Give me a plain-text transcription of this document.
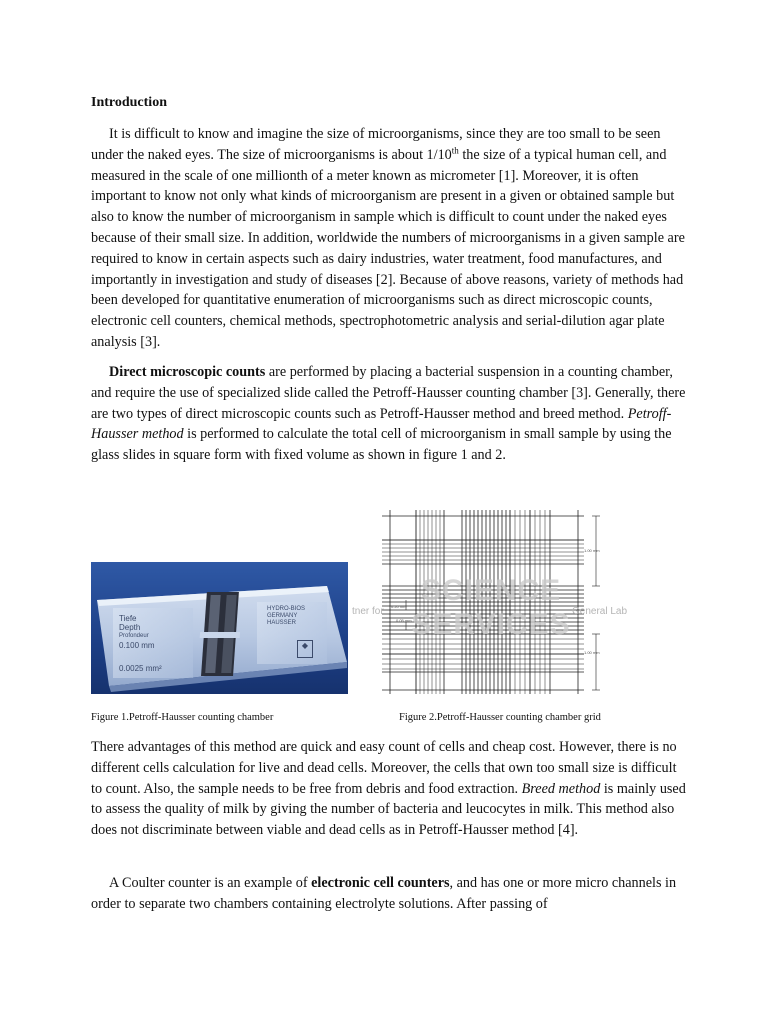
Introduction

It is difficult to know and imagine the size of microorganisms, since they are too small to be seen under the naked eyes. The size of microorganisms is about 1/10th the size of a typical human cell, and measured in the scale of one millionth of a meter known as micrometer [1]. Moreover, it is often important to know not only what kinds of microorganism are present in a given or obtained sample but also to know the number of microorganism in sample which is difficult to count under the naked eyes because of their small size. In addition, worldwide the numbers of microorganisms in a given sample are required to know in certain aspects such as dairy industries, water treatment, food manufactures, and importantly in investigation and study of diseases [2]. Because of above reasons, variety of methods had been developed for quantitative enumeration of microorganisms such as direct microscopic counts, electronic cell counters, chemical methods, spectrophotometric analysis and serial-dilution agar plate analysis [3].

Direct microscopic counts are performed by placing a bacterial suspension in a counting chamber, and require the use of specialized slide called the Petroff-Hausser counting chamber [3]. Generally, there are two types of direct microscopic counts such as Petroff-Hausser method and breed method. Petroff-Hausser method is performed to calculate the total cell of microorganism in small sample by using the glass slides in square form with fixed volume as shown in figure 1 and 2.

Tiefe
Depth
Profondeur
0.100 mm
0.0025 mm²
HYDRO-BIOS
GERMANY
HAUSSER
◆
SCIENCE SERVICES
tner for	General Lab
1.00 mm
1.00 mm
0.20 mm
0.05 mm
Figure 1.Petroff-Hausser counting chamber	Figure 2.Petroff-Hausser counting chamber grid

There advantages of this method are quick and easy count of cells and cheap cost. However, there is no different cells calculation for live and dead cells. Moreover, the cells that own too small size is difficult to count. Also, the sample needs to be free from debris and food extraction. Breed method is mainly used to assess the quality of milk by giving the number of bacteria and leucocytes in milk. This method also does not discriminate between viable and dead cells as in Petroff-Hausser method [4].

A Coulter counter is an example of electronic cell counters, and has one or more micro channels in order to separate two chambers containing electrolyte solutions. After passing of
